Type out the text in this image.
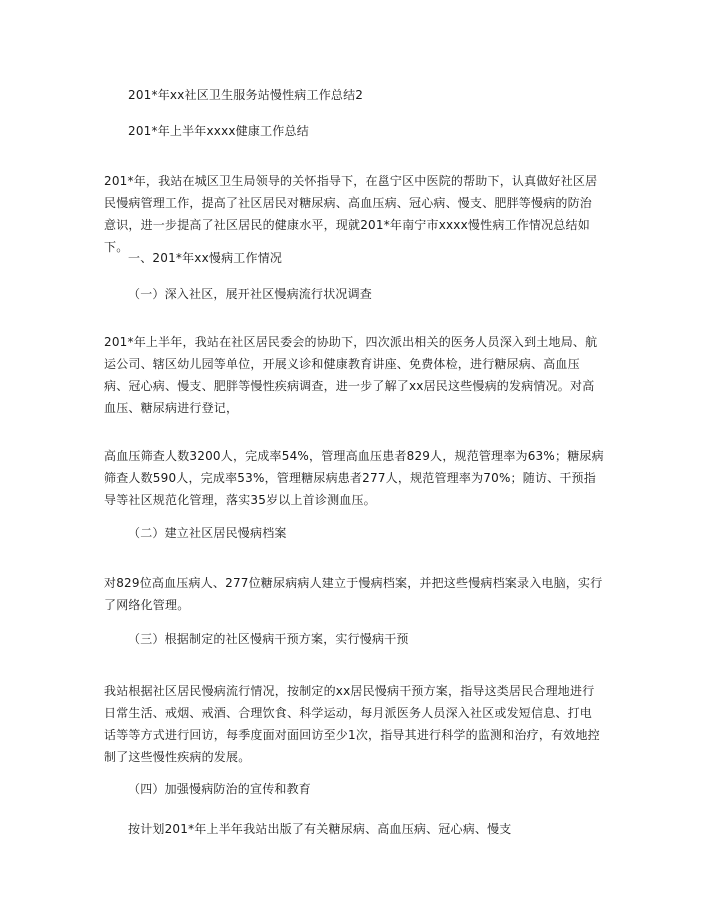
201*年xx社区卫生服务站慢性病工作总结2
201*年上半年xxxx健康工作总结
201*年，我站在城区卫生局领导的关怀指导下，在邕宁区中医院的帮助下，认真做好社区居民慢病管理工作，提高了社区居民对糖尿病、高血压病、冠心病、慢支、肥胖等慢病的防治意识，进一步提高了社区居民的健康水平，现就201*年南宁市xxxx慢性病工作情况总结如下。
一、201*年xx慢病工作情况
（一）深入社区，展开社区慢病流行状况调查
201*年上半年，我站在社区居民委会的协助下，四次派出相关的医务人员深入到土地局、航运公司、辖区幼儿园等单位，开展义诊和健康教育讲座、免费体检，进行糖尿病、高血压病、冠心病、慢支、肥胖等慢性疾病调查，进一步了解了xx居民这些慢病的发病情况。对高血压、糖尿病进行登记，
高血压筛查人数3200人，完成率54%，管理高血压患者829人，规范管理率为63%；糖尿病筛查人数590人，完成率53%，管理糖尿病患者277人，规范管理率为70%；随访、干预指导等社区规范化管理，落实35岁以上首诊测血压。
（二）建立社区居民慢病档案
对829位高血压病人、277位糖尿病病人建立于慢病档案，并把这些慢病档案录入电脑，实行了网络化管理。
（三）根据制定的社区慢病干预方案，实行慢病干预
我站根据社区居民慢病流行情况，按制定的xx居民慢病干预方案，指导这类居民合理地进行日常生活、戒烟、戒酒、合理饮食、科学运动，每月派医务人员深入社区或发短信息、打电话等等方式进行回访，每季度面对面回访至少1次，指导其进行科学的监测和治疗，有效地控制了这些慢性疾病的发展。
（四）加强慢病防治的宣传和教育
按计划201*年上半年我站出版了有关糖尿病、高血压病、冠心病、慢支
